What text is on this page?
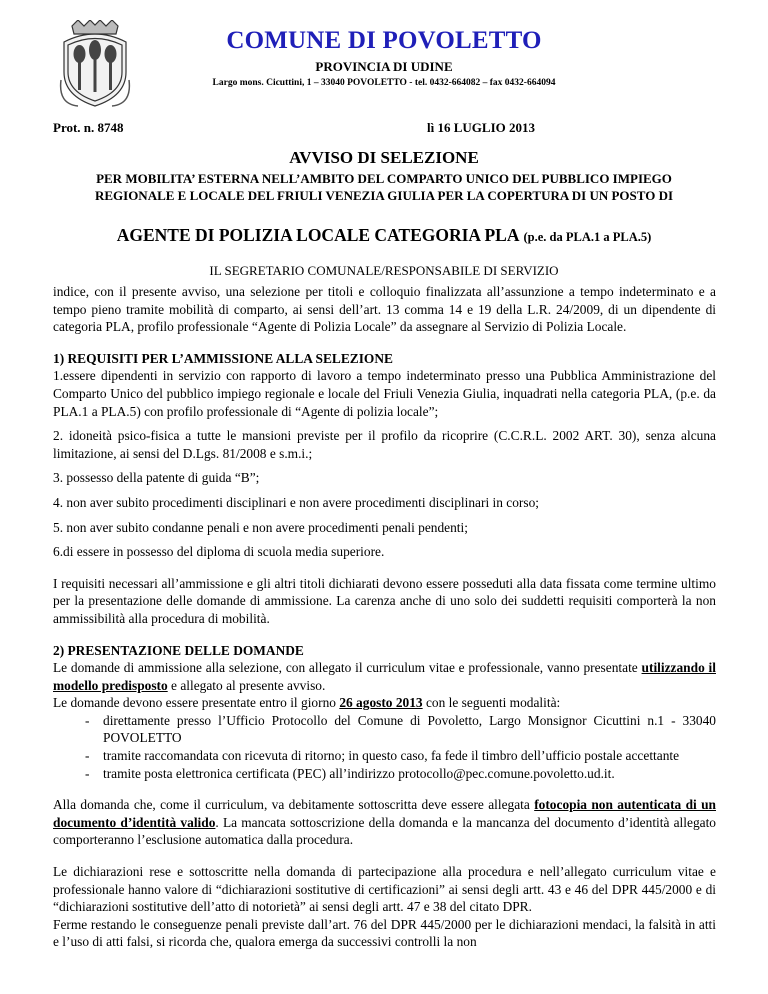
COMUNE DI POVOLETTO
PROVINCIA DI UDINE
Largo mons. Cicuttini, 1 – 33040 POVOLETTO - tel. 0432-664082 – fax 0432-664094
Prot. n. 8748	lì 16 LUGLIO 2013
AVVISO DI SELEZIONE
PER MOBILITA’ ESTERNA NELL’AMBITO DEL COMPARTO UNICO DEL PUBBLICO IMPIEGO REGIONALE E LOCALE DEL FRIULI VENEZIA GIULIA PER LA COPERTURA DI UN POSTO DI
AGENTE DI POLIZIA LOCALE CATEGORIA PLA (p.e. da PLA.1 a PLA.5)
IL SEGRETARIO COMUNALE/RESPONSABILE DI SERVIZIO

indice, con il presente avviso, una selezione per titoli e colloquio finalizzata all’assunzione a tempo indeterminato e a tempo pieno tramite mobilità di comparto, ai sensi dell’art. 13 comma 14 e 19 della L.R. 24/2009, di un dipendente di categoria PLA, profilo professionale “Agente di Polizia Locale” da assegnare al Servizio di Polizia Locale.

1) REQUISITI PER L’AMMISSIONE ALLA SELEZIONE

1.essere dipendenti in servizio con rapporto di lavoro a tempo indeterminato presso una Pubblica Amministrazione del Comparto Unico del pubblico impiego regionale e locale del Friuli Venezia Giulia, inquadrati nella categoria PLA, (p.e. da PLA.1 a PLA.5) con profilo professionale di “Agente di polizia locale”;

2. idoneità psico-fisica a tutte le mansioni previste per il profilo da ricoprire (C.C.R.L. 2002 ART. 30), senza alcuna limitazione, ai sensi del D.Lgs. 81/2008 e s.m.i.;

3. possesso della patente di guida “B”;

4. non aver subito procedimenti disciplinari e non avere procedimenti disciplinari in corso;

5. non aver subito condanne penali e non avere procedimenti penali pendenti;

6.di essere in possesso del diploma di scuola media superiore.

I requisiti necessari all’ammissione e gli altri titoli dichiarati devono essere posseduti alla data fissata come termine ultimo per la presentazione delle domande di ammissione. La carenza anche di uno solo dei suddetti requisiti comporterà la non ammissibilità alla procedura di mobilità.

2) PRESENTAZIONE DELLE DOMANDE

Le domande di ammissione alla selezione, con allegato il curriculum vitae e professionale, vanno presentate utilizzando il modello predisposto e allegato al presente avviso.

Le domande devono essere presentate entro il giorno 26 agosto 2013 con le seguenti modalità:

- direttamente presso l’Ufficio Protocollo del Comune di Povoletto, Largo Monsignor Cicuttini n.1 - 33040 POVOLETTO
- tramite raccomandata con ricevuta di ritorno; in questo caso, fa fede il timbro dell’ufficio postale accettante
- tramite posta elettronica certificata (PEC) all’indirizzo protocollo@pec.comune.povoletto.ud.it.

Alla domanda che, come il curriculum, va debitamente sottoscritta deve essere allegata fotocopia non autenticata di un documento d’identità valido. La mancata sottoscrizione della domanda e la mancanza del documento d’identità allegato comporteranno l’esclusione automatica dalla procedura.

Le dichiarazioni rese e sottoscritte nella domanda di partecipazione alla procedura e nell’allegato curriculum vitae e professionale hanno valore di “dichiarazioni sostitutive di certificazioni” ai sensi degli artt. 43 e 46 del DPR 445/2000 e di “dichiarazioni sostitutive dell’atto di notorietà” ai sensi degli artt. 47 e 38 del citato DPR.

Ferme restando le conseguenze penali previste dall’art. 76 del DPR 445/2000 per le dichiarazioni mendaci, la falsità in atti e l’uso di atti falsi, si ricorda che, qualora emerga da successivi controlli la non
